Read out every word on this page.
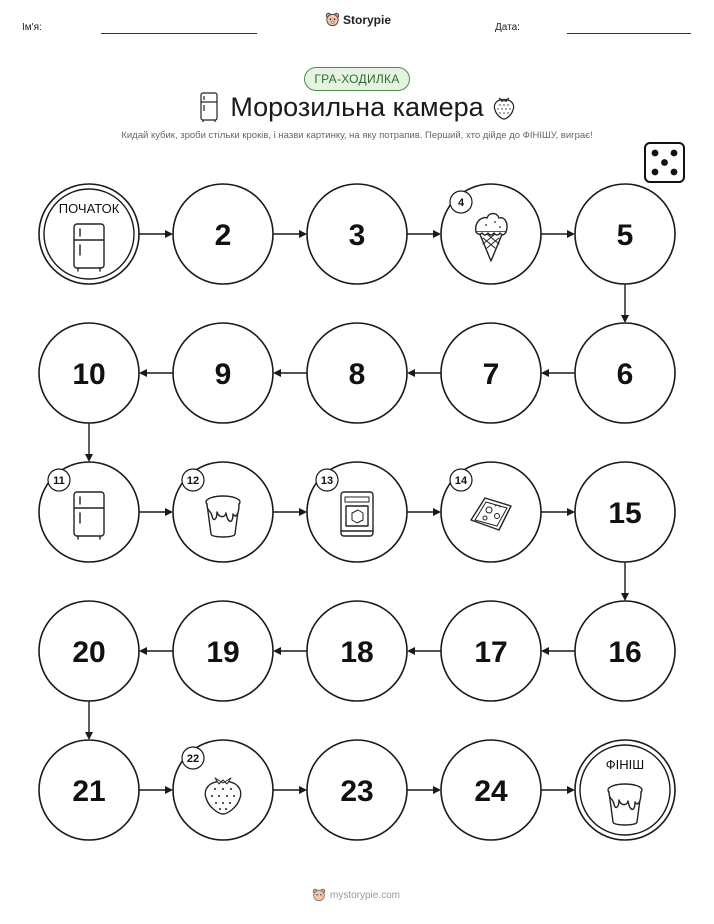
Ім'я:
Storypie
Дата:
ГРА-ХОДИЛКА
Морозильна камера
Кидай кубик, зроби стільки кроків, і назви картинку, на яку потрапив. Перший, хто дійде до ФІНІШУ, виграє!
ПОЧАТОК
2	3
4
5
6
7
8
9
10
11	12	13	14
15
16
17
18
19
20
21
22
23	24
ФІНІШ
mystorypie.com
